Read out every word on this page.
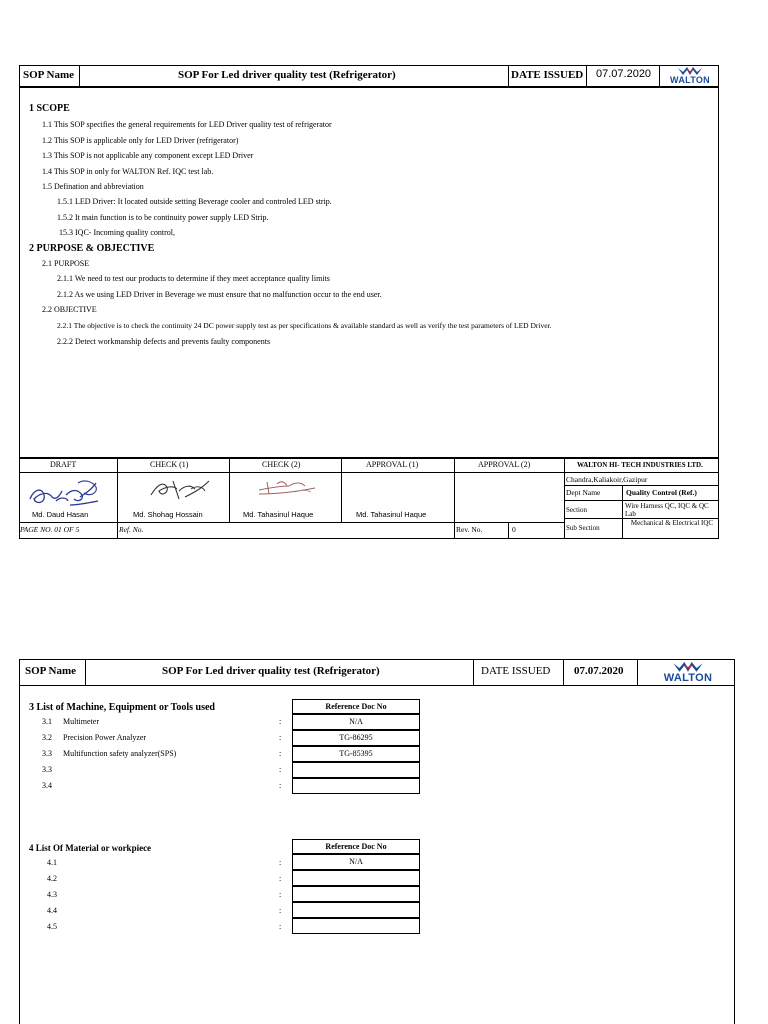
SOP Name	SOP For Led driver quality test (Refrigerator)	DATE ISSUED 07.07.2020 WALTON
1 SCOPE
1.1 This SOP specifies the general requirements for LED Driver quality test of refrigerator
1.2 This SOP is applicable only for LED Driver (refrigerator)
1.3 This SOP is not applicable any component except LED Driver
1.4 This SOP in only for WALTON Ref. IQC test lab.
1.5 Defination and abbreviation
1.5.1 LED Driver: It located outside setting Beverage cooler and controled LED strip.
1.5.2 It main function is to be continuity power supply LED Strip.
15.3 IQC- Incoming quality control,
2 PURPOSE & OBJECTIVE
2.1 PURPOSE
2.1.1 We need to test our products to determine if they meet acceptance quality limits
2.1.2 As we using LED Driver in Beverage we must ensure that no malfunction occur to the end user.
2.2 OBJECTIVE
2.2.1 The objective is to check the continuity 24 DC power supply test as per specifications & available standard as well as verify the test parameters of LED Driver.
2.2.2 Detect workmanship defects and prevents faulty components
DRAFT	CHECK (1)	CHECK (2)	APPROVAL (1)	APPROVAL (2)
Md. Daud Hasan	Md. Shohag Hossain	Md. Tahasinul Haque	Md. Tahasinul Haque
WALTON HI- TECH INDUSTRIES LTD.
Chandra,Kaliakoir,Gazipur
Dept Name	Quality Control (Ref.)
Section	Wire Harness QC, IQC & QC Lab
Sub Section
Mechanical & Electrical IQC
PAGE NO. 01 OF 5	Ref. No.	Rev. No.	0
SOP Name	SOP For Led driver quality test (Refrigerator)	DATE ISSUED 07.07.2020
WALTON
3 List of Machine, Equipment or Tools used	Reference Doc No
3.1 Multimeter	:	N/A
3.2 Precision Power Analyzer	:	TG-86295
3.3 Multifunction safety analyzer(SPS)	:	TG-85395
3.3	:
3.4	:
4 List Of Material or workpiece	Reference Doc No
4.1	:	N/A
4.2	:
4.3	:
4.4	:
4.5	:
